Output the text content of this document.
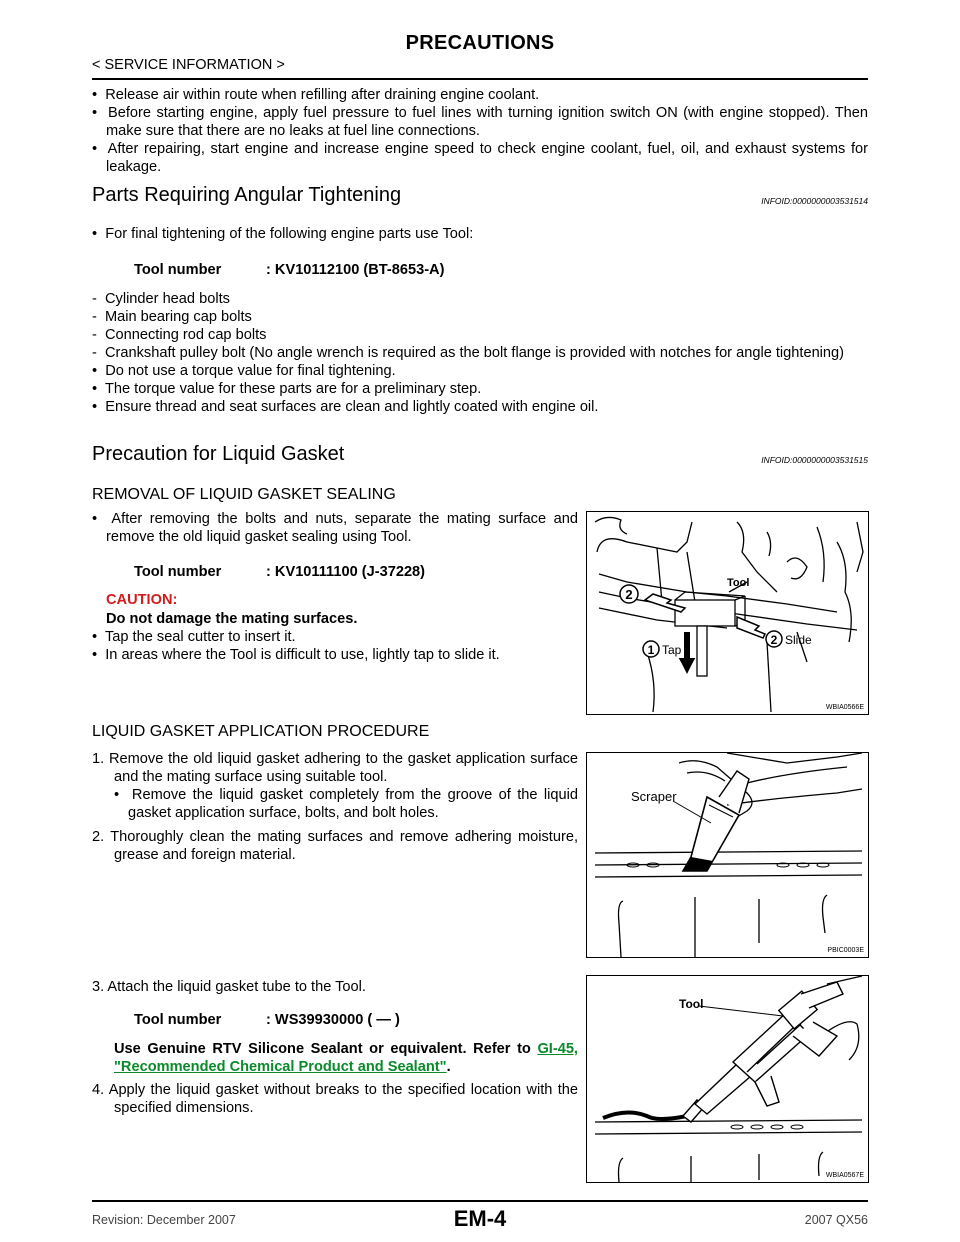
PRECAUTIONS
< SERVICE INFORMATION >
•  Release air within route when refilling after draining engine coolant.
•  Before starting engine, apply fuel pressure to fuel lines with turning ignition switch ON (with engine stopped). Then make sure that there are no leaks at fuel line connections.
•  After repairing, start engine and increase engine speed to check engine coolant, fuel, oil, and exhaust systems for leakage.
Parts Requiring Angular Tightening	INFOID:0000000003531514
•  For final tightening of the following engine parts use Tool:
Tool number	: KV10112100 (BT-8653-A)
-  Cylinder head bolts
-  Main bearing cap bolts
-  Connecting rod cap bolts
-  Crankshaft pulley bolt (No angle wrench is required as the bolt flange is provided with notches for angle tightening)
•  Do not use a torque value for final tightening.
•  The torque value for these parts are for a preliminary step.
•  Ensure thread and seat surfaces are clean and lightly coated with engine oil.
Precaution for Liquid Gasket	INFOID:0000000003531515
REMOVAL OF LIQUID GASKET SEALING
•  After removing the bolts and nuts, separate the mating surface and remove the old liquid gasket sealing using Tool.
Tool number	: KV10111100 (J-37228)
CAUTION:
Do not damage the mating surfaces.
•  Tap the seal cutter to insert it.
•  In areas where the Tool is difficult to use, lightly tap to slide it.
2
1 Tap
2 Slide
Tool
WBIA0566E
LIQUID GASKET APPLICATION PROCEDURE
1. Remove the old liquid gasket adhering to the gasket application surface and the mating surface using suitable tool.
•  Remove the liquid gasket completely from the groove of the liquid gasket application surface, bolts, and bolt holes.
2. Thoroughly clean the mating surfaces and remove adhering moisture, grease and foreign material.
Scraper
PBIC0003E
3. Attach the liquid gasket tube to the Tool.
Tool number	: WS39930000 ( — )
Use Genuine RTV Silicone Sealant or equivalent. Refer to GI-45, "Recommended Chemical Product and Sealant".
4. Apply the liquid gasket without breaks to the specified location with the specified dimensions.
Tool
WBIA0567E
EM-4
Revision: December 2007	2007 QX56
